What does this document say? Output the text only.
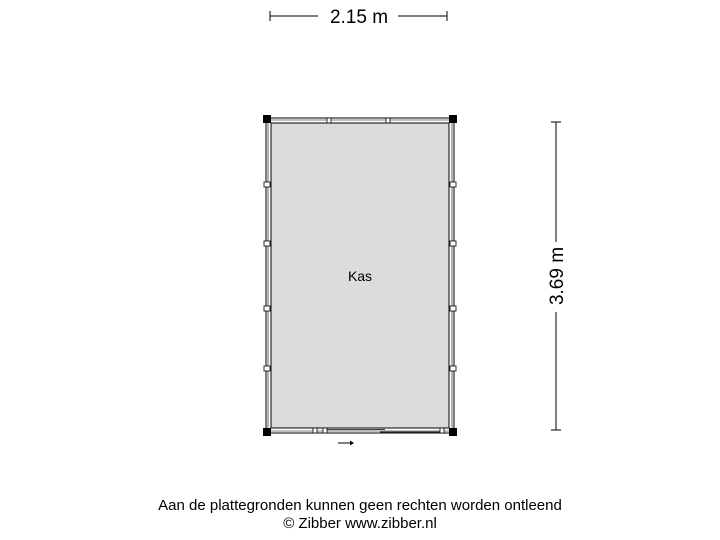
2.15 m
3.69 m
Kas
Aan de plattegronden kunnen geen rechten worden ontleend
© Zibber www.zibber.nl
